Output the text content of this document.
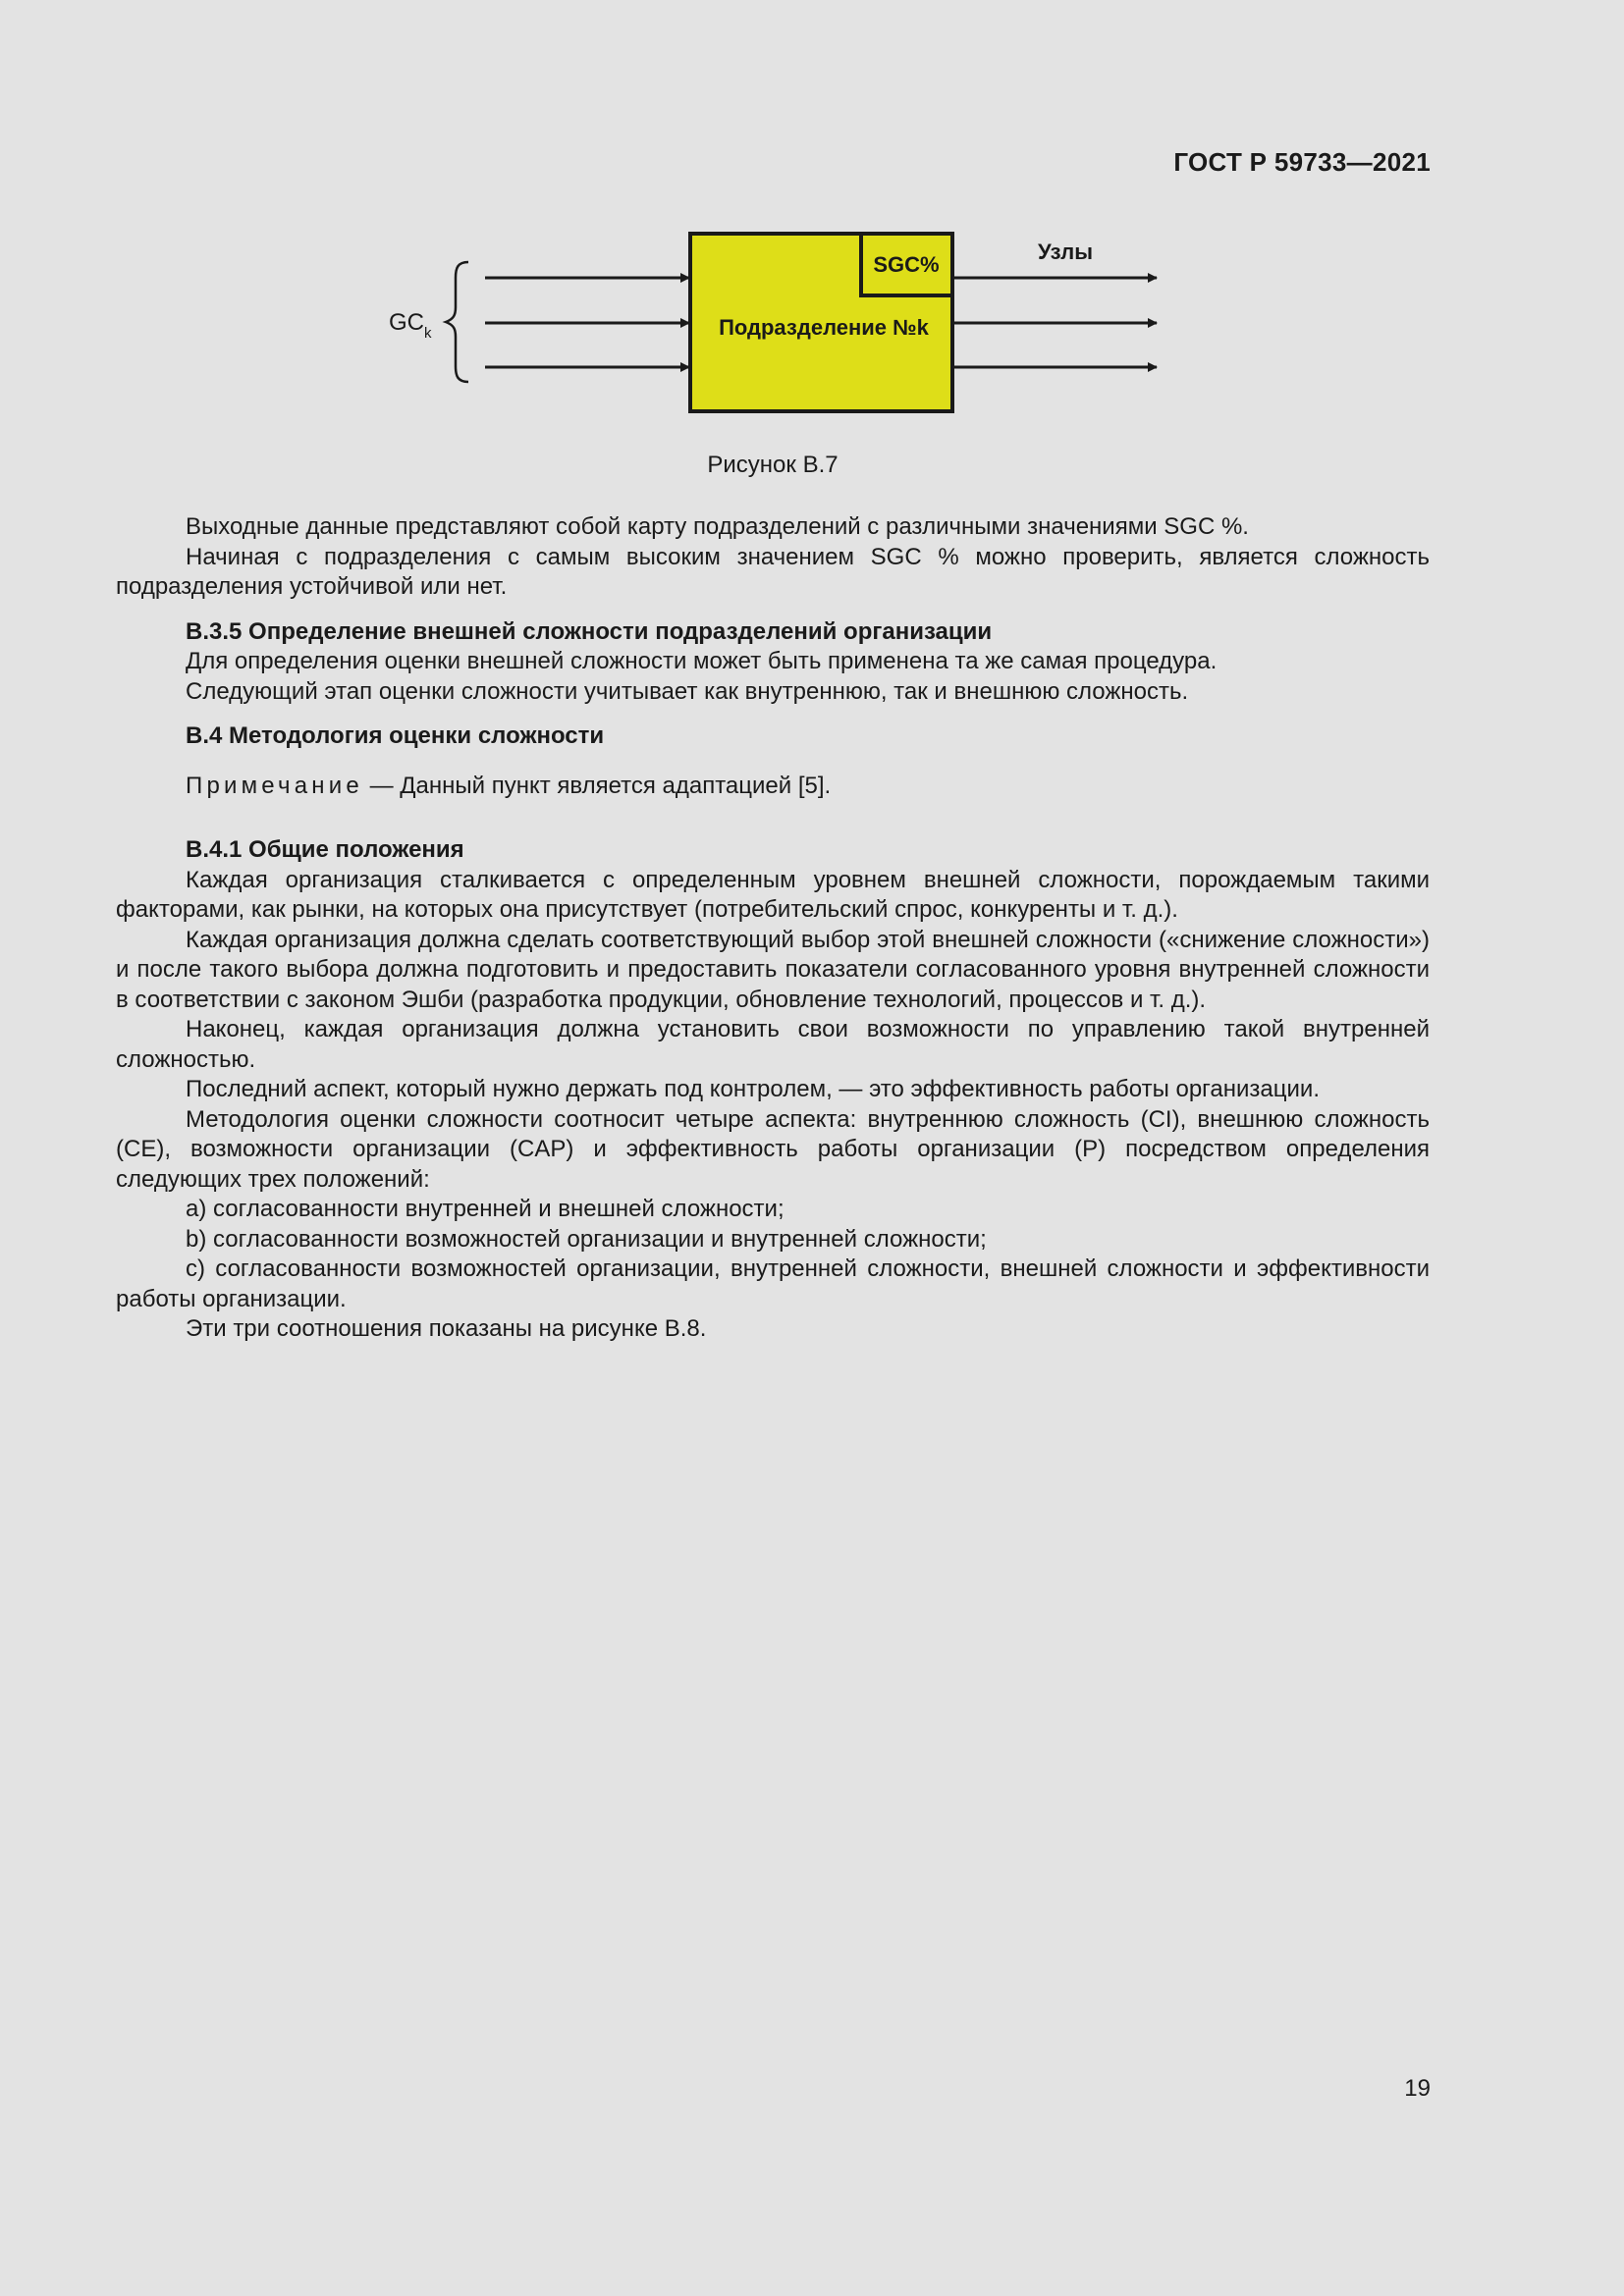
ГОСТ Р 59733—2021
$GC_k$
SGC%
Подразделение №k
Узлы
Рисунок В.7

Выходные данные представляют собой карту подразделений с различными значениями SGC %.

Начиная с подразделения с самым высоким значением SGC % можно проверить, является сложность подразделения устойчивой или нет.

В.3.5 Определение внешней сложности подразделений организации

Для определения оценки внешней сложности может быть применена та же самая процедура.

Следующий этап оценки сложности учитывает как внутреннюю, так и внешнюю сложность.

В.4 Методология оценки сложности
Примечание — Данный пункт является адаптацией [5].
В.4.1 Общие положения

Каждая организация сталкивается с определенным уровнем внешней сложности, порождаемым такими факторами, как рынки, на которых она присутствует (потребительский спрос, конкуренты и т. д.).

Каждая организация должна сделать соответствующий выбор этой внешней сложности («снижение сложности») и после такого выбора должна подготовить и предоставить показатели согласованного уровня внутренней сложности в соответствии с законом Эшби (разработка продукции, обновление технологий, процессов и т. д.).

Наконец, каждая организация должна установить свои возможности по управлению такой внутренней сложностью.

Последний аспект, который нужно держать под контролем, — это эффективность работы организации.

Методология оценки сложности соотносит четыре аспекта: внутреннюю сложность (CI), внешнюю сложность (CE), возможности организации (CAP) и эффективность работы организации (P) посредством определения следующих трех положений:

a) согласованности внутренней и внешней сложности;

b) согласованности возможностей организации и внутренней сложности;

c) согласованности возможностей организации, внутренней сложности, внешней сложности и эффективности работы организации.

Эти три соотношения показаны на рисунке В.8.

19
